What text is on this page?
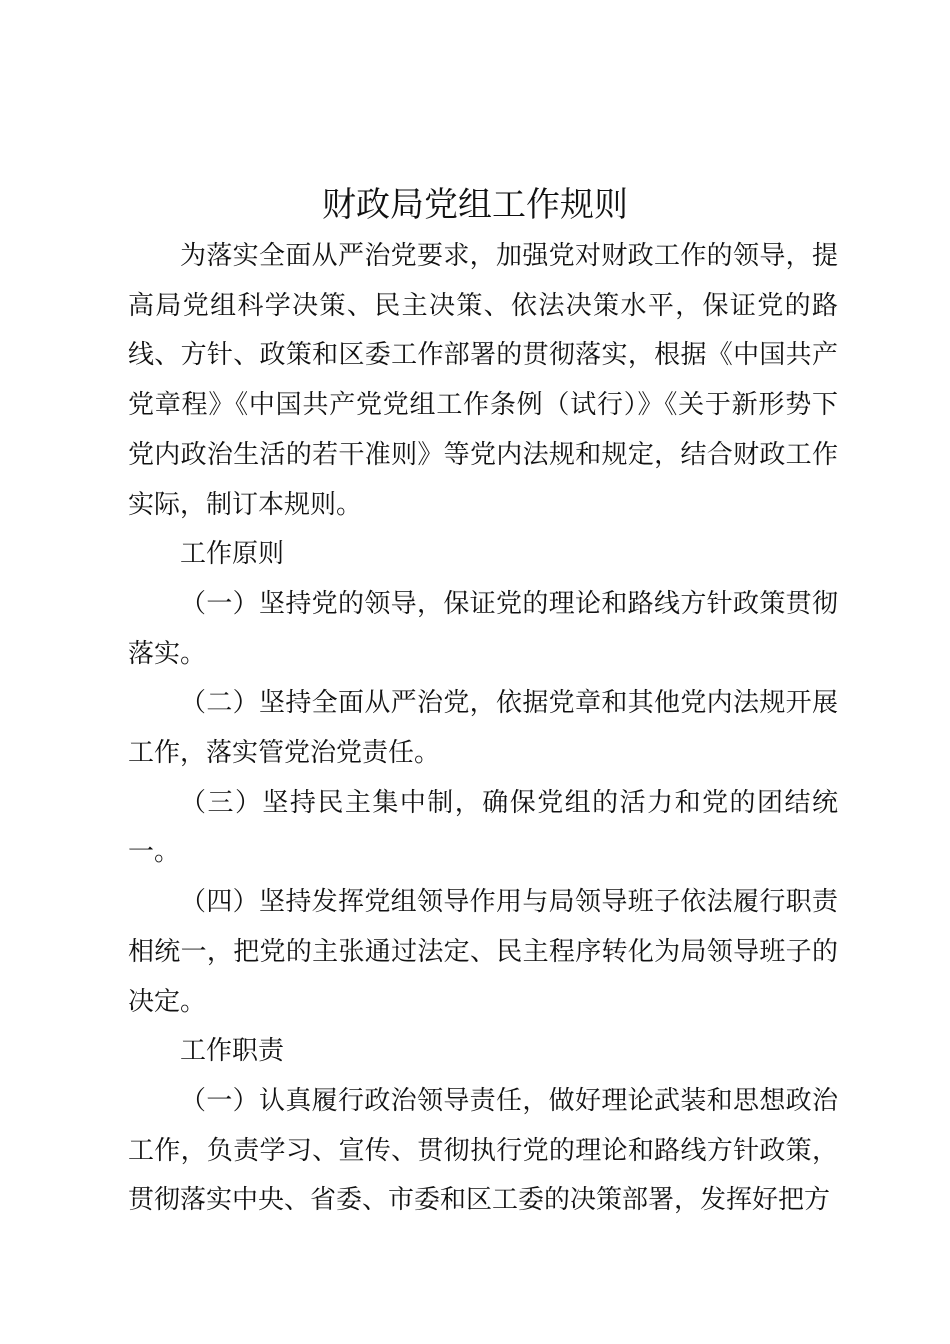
财政局党组工作规则

为落实全面从严治党要求，加强党对财政工作的领导，提高局党组科学决策、民主决策、依法决策水平，保证党的路线、方针、政策和区委工作部署的贯彻落实，根据《中国共产党章程》《中国共产党党组工作条例（试行）》《关于新形势下党内政治生活的若干准则》等党内法规和规定，结合财政工作实际，制订本规则。

工作原则

（一）坚持党的领导，保证党的理论和路线方针政策贯彻落实。

（二）坚持全面从严治党，依据党章和其他党内法规开展工作，落实管党治党责任。

（三）坚持民主集中制，确保党组的活力和党的团结统一。

（四）坚持发挥党组领导作用与局领导班子依法履行职责相统一，把党的主张通过法定、民主程序转化为局领导班子的决定。

工作职责

（一）认真履行政治领导责任，做好理论武装和思想政治工作，负责学习、宣传、贯彻执行党的理论和路线方针政策，贯彻落实中央、省委、市委和区工委的决策部署，发挥好把方
